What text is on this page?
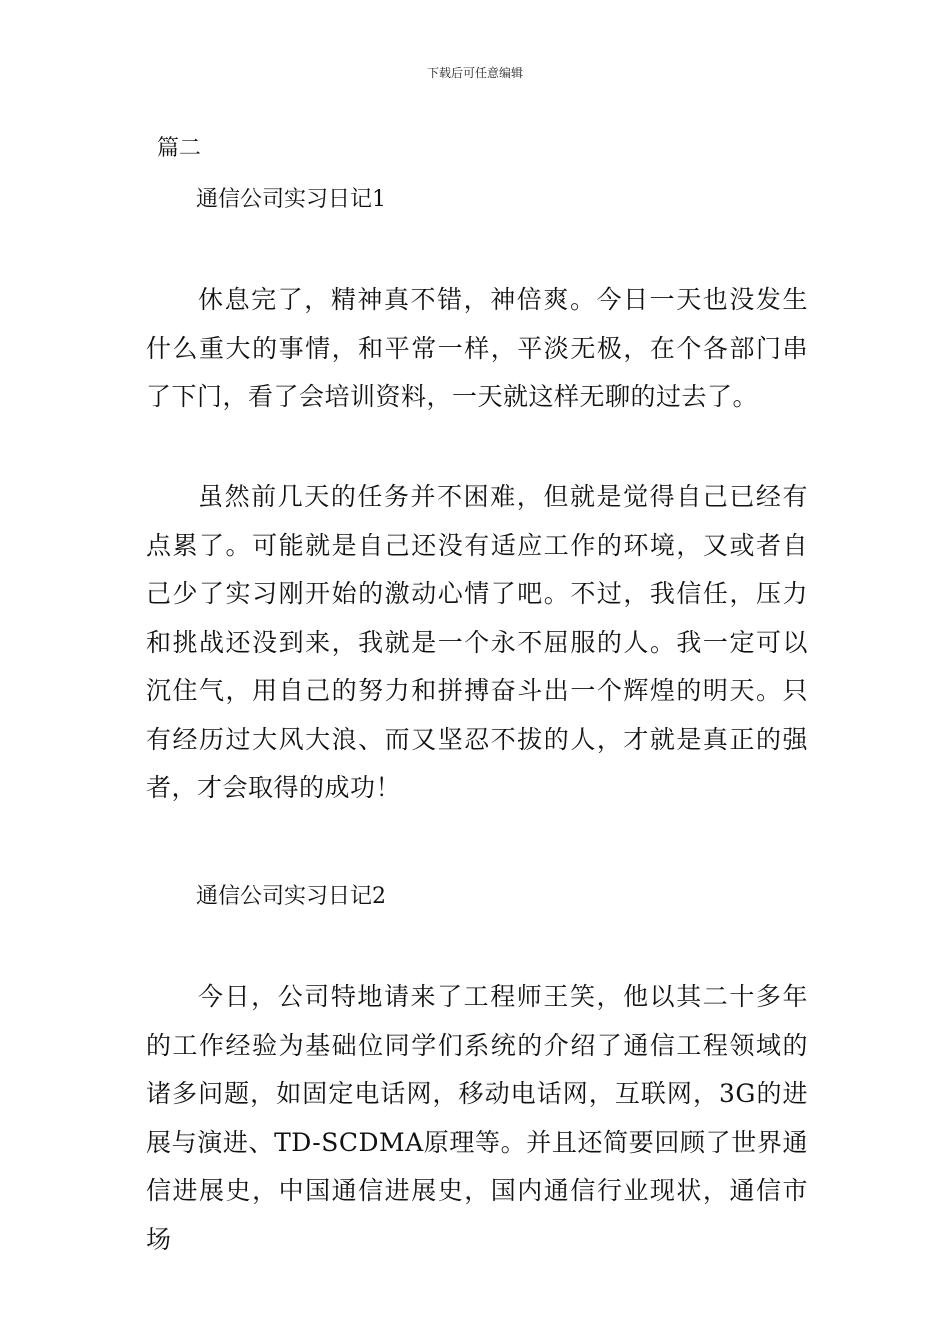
下载后可任意编辑
篇二
通信公司实习日记1

休息完了，精神真不错，神倍爽。今日一天也没发生什么重大的事情，和平常一样，平淡无极，在个各部门串了下门，看了会培训资料，一天就这样无聊的过去了。

虽然前几天的任务并不困难，但就是觉得自己已经有点累了。可能就是自己还没有适应工作的环境，又或者自己少了实习刚开始的激动心情了吧。不过，我信任，压力和挑战还没到来，我就是一个永不屈服的人。我一定可以沉住气，用自己的努力和拼搏奋斗出一个辉煌的明天。只有经历过大风大浪、而又坚忍不拔的人，才就是真正的强者，才会取得的成功！

通信公司实习日记2

今日，公司特地请来了工程师王笑，他以其二十多年的工作经验为基础位同学们系统的介绍了通信工程领域的诸多问题，如固定电话网，移动电话网，互联网，3G的进展与演进、TD-SCDMA原理等。并且还简要回顾了世界通信进展史，中国通信进展史，国内通信行业现状，通信市场
